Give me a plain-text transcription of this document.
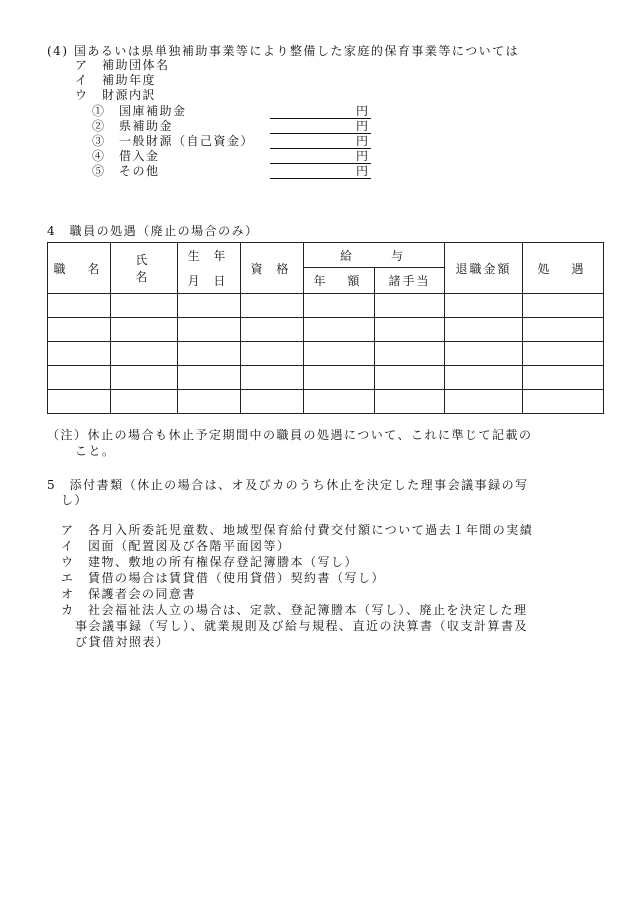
(4) 国あるいは県単独補助事業等により整備した家庭的保育事業等については
ア　補助団体名
イ　補助年度
ウ　財源内訳
①　国庫補助金	円
②　県補助金	円
③　一般財源（自己資金）	円
④　借入金	円
⑤　その他	円
4　職員の処遇（廃止の場合のみ）
職　名	氏　　名	生 年	資 格	給　　与		退職金額	処　遇
		月 日		年　額	諸手当		

（注）休止の場合も休止予定期間中の職員の処遇について、これに準じて記載の
こと。
5　添付書類（休止の場合は、オ及びカのうち休止を決定した理事会議事録の写
し）
ア　各月入所委託児童数、地域型保育給付費交付額について過去１年間の実績
イ　図面（配置図及び各階平面図等）
ウ　建物、敷地の所有権保存登記簿謄本（写し）
エ　賃借の場合は賃貸借（使用貸借）契約書（写し）
オ　保護者会の同意書
カ　社会福祉法人立の場合は、定款、登記簿謄本（写し）、廃止を決定した理
事会議事録（写し）、就業規則及び給与規程、直近の決算書（収支計算書及
び貸借対照表）
